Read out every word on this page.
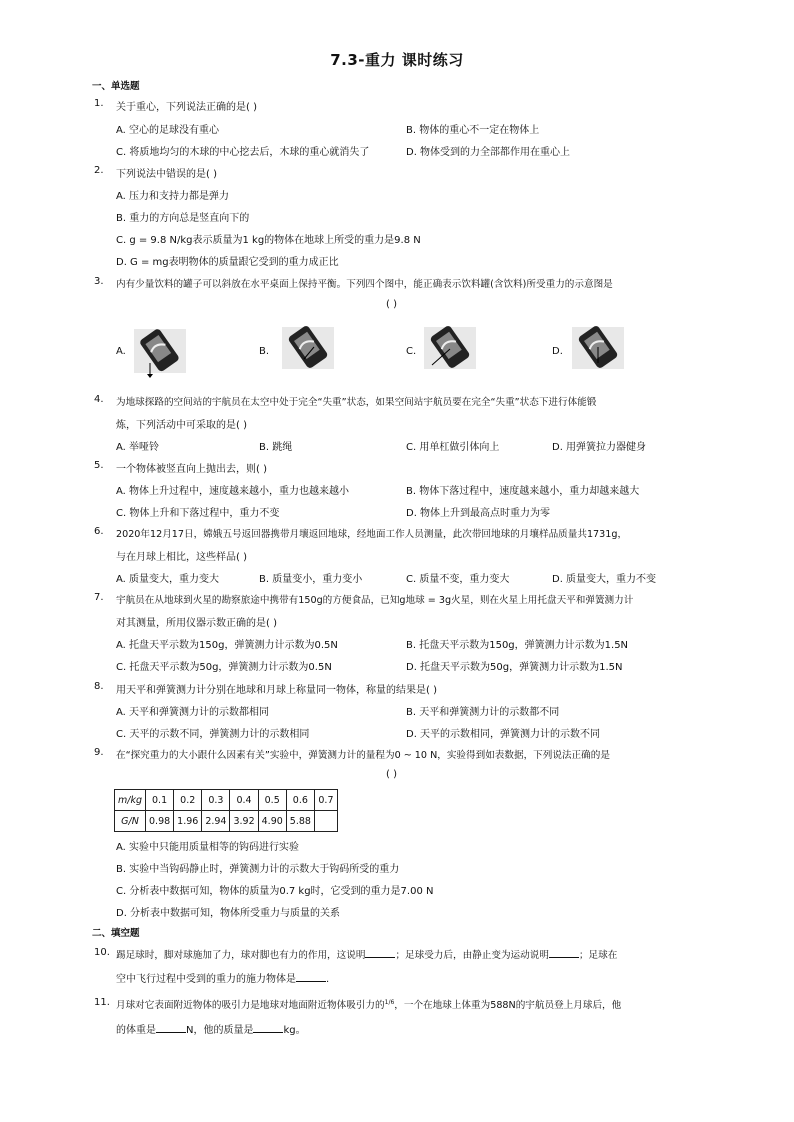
7.3-重力 课时练习
一、单选题
1. 关于重心，下列说法正确的是( )
A. 空心的足球没有重心	B. 物体的重心不一定在物体上
C. 将质地均匀的木球的中心挖去后，木球的重心就消失了	D. 物体受到的力全部都作用在重心上
2. 下列说法中错误的是( )
A. 压力和支持力都是弹力
B. 重力的方向总是竖直向下的
C. g = 9.8 N/kg表示质量为1 kg的物体在地球上所受的重力是9.8 N
D. G = mg表明物体的质量跟它受到的重力成正比
3. 内有少量饮料的罐子可以斜放在水平桌面上保持平衡。下列四个图中，能正确表示饮料罐(含饮料)所受重力的示意图是
( )
A.	B.	C.	D.
4. 为地球探路的空间站的宇航员在太空中处于完全“失重”状态，如果空间站宇航员要在完全“失重”状态下进行体能锻
炼，下列活动中可采取的是( )
A. 举哑铃	B. 跳绳	C. 用单杠做引体向上	D. 用弹簧拉力器健身
5. 一个物体被竖直向上抛出去，则( )
A. 物体上升过程中，速度越来越小，重力也越来越小	B. 物体下落过程中，速度越来越小，重力却越来越大
C. 物体上升和下落过程中，重力不变	D. 物体上升到最高点时重力为零
6. 2020年12月17日，嫦娥五号返回器携带月壤返回地球，经地面工作人员测量，此次带回地球的月壤样品质量共1731g，
与在月球上相比，这些样品( )
A. 质量变大，重力变大	B. 质量变小，重力变小	C. 质量不变，重力变大	D. 质量变大，重力不变
7. 宇航员在从地球到火星的勘察旅途中携带有150g的方便食品，已知g地球 = 3g火星，则在火星上用托盘天平和弹簧测力计
对其测量，所用仪器示数正确的是( )
A. 托盘天平示数为150g，弹簧测力计示数为0.5N	B. 托盘天平示数为150g，弹簧测力计示数为1.5N
C. 托盘天平示数为50g，弹簧测力计示数为0.5N	D. 托盘天平示数为50g，弹簧测力计示数为1.5N
8. 用天平和弹簧测力计分别在地球和月球上称量同一物体，称量的结果是( )
A. 天平和弹簧测力计的示数都相同	B. 天平和弹簧测力计的示数都不同
C. 天平的示数不同，弹簧测力计的示数相同	D. 天平的示数相同，弹簧测力计的示数不同
9. 在“探究重力的大小跟什么因素有关”实验中，弹簧测力计的量程为0 ~ 10 N，实验得到如表数据，下列说法正确的是
( )
m/kg	0.1	0.2	0.3	0.4	0.5	0.6	0.7
G/N	0.98	1.96	2.94	3.92	4.90	5.88	
A. 实验中只能用质量相等的钩码进行实验
B. 实验中当钩码静止时，弹簧测力计的示数大于钩码所受的重力
C. 分析表中数据可知，物体的质量为0.7 kg时，它受到的重力是7.00 N
D. 分析表中数据可知，物体所受重力与质量的关系
二、填空题
10. 踢足球时，脚对球施加了力，球对脚也有力的作用，这说明	；足球受力后，由静止变为运动说明	；足球在
空中飞行过程中受到的重力的施力物体是	.
11. 月球对它表面附近物体的吸引力是地球对地面附近物体吸引力的1/6，一个在地球上体重为588N的宇航员登上月球后，他
的体重是	N，他的质量是	kg。
